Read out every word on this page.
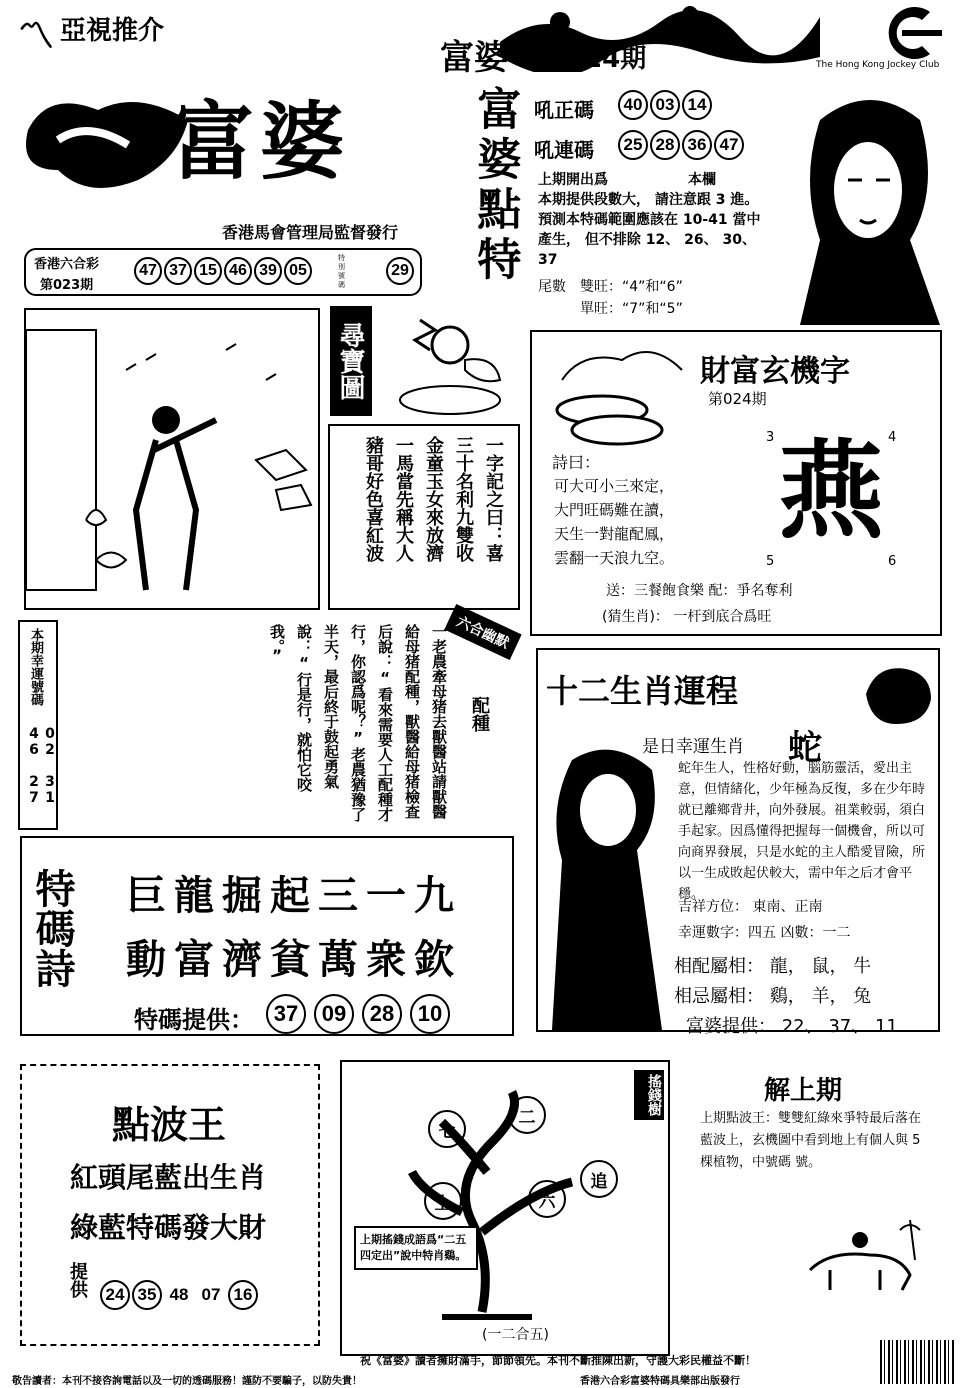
〽 亞視推介
富婆 第024期	The Hong Kong Jockey Club
富婆
香港馬會管理局監督發行
香港六合彩
第023期
47 37 15 46 39 05
特別號碼
29 富婆點特 吼正碼	40 03 14
吼連碼	25 28 36 47
上期開出爲	本欄
本期提供段數大， 請注意跟 3 進。
預測本特碼範圍應該在 10-41 當中
產生， 但不排除 12、 26、 30、
37
尾數 雙旺：“4”和“6”
單旺：“7”和“5”
尋寶圖
一字記之曰：喜
三十名利九雙收
金童玉女來放濟
一馬當先稱大人
豬哥好色喜紅波
財富玄機字
第024期
3	4
5	6
詩曰：
可大可小三來定，
大門旺碼難在讀，
天生一對龍配鳳，
雲翻一天浪九空。
燕
送：三餐飽食樂 配：爭名奪利
(猜生肖)： 一杆到底合爲旺
本期幸運號碼
02 31 46 27
六合幽默
配種
一老農牽母猪去獸醫站請獸醫給母猪配種，獸醫給母猪檢查后說：“看來需要人工配種才行，你認爲呢？”老農猶豫了半天，最后終于鼓起勇氣說：“行是行，就怕它咬我。”
十二生肖運程
是日幸運生肖 蛇
蛇年生人，性格好動，腦筋靈活，愛出主意，但情緒化，少年極為反復，多在少年時就已離鄉背井，向外發展。祖業較弱，須白手起家。因爲懂得把握每一個機會，所以可向商界發展，只是水蛇的主人酷愛冒險，所以一生成敗起伏較大，需中年之后才會平穩。
吉祥方位： 東南、正南
幸運數字：四五 凶數：一二
相配屬相： 龍， 鼠， 牛
相忌屬相： 鷄， 羊， 兔
富婆提供： 22、 37、 11
特碼詩 巨龍掘起三一九
動富濟貧萬衆欽
特碼提供： 37	09	28	10
點波王
紅頭尾藍出生肖
綠藍特碼發大財
提供	24 35 48 07 16
搖錢樹
七
二
追
上	六
上期搖錢成語爲“二五四定出”說中特肖鷄。
(一二合五)
解上期
上期點波王：雙雙紅綠來爭特最后落在藍波上，玄機圖中看到地上有個人與 5 棵植物，中號碼 號。
祝《富婆》讀者擁財滿手，節節領先。本刊不斷推陳出新，守護大彩民權益不斷！
敬告讀者：本刊不接咨詢電話以及一切的透碼服務！謹防不要騙子，以防失貴！	香港六合彩富婆特碼具樂部出版發行
